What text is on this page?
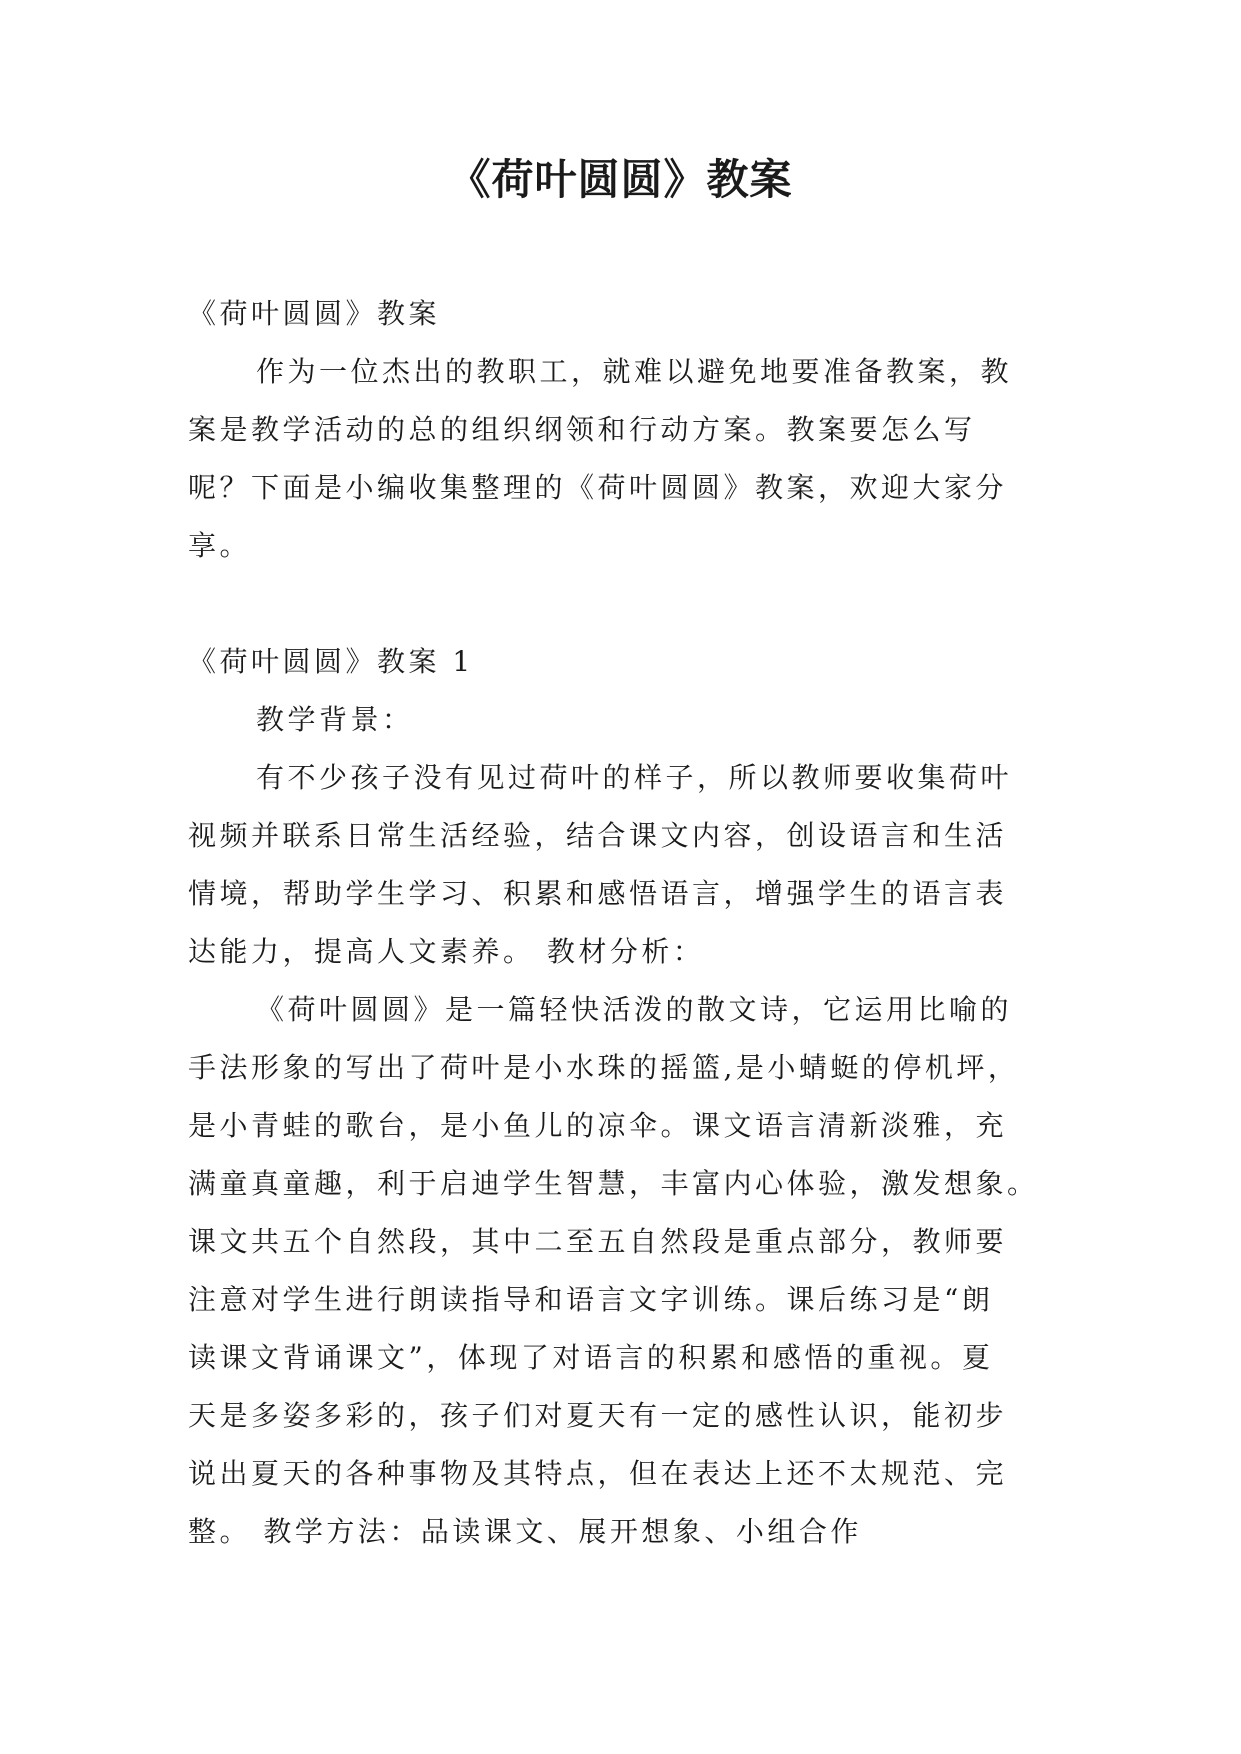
《荷叶圆圆》教案
《荷叶圆圆》教案
作为一位杰出的教职工，就难以避免地要准备教案，教
案是教学活动的总的组织纲领和行动方案。教案要怎么写
呢？下面是小编收集整理的《荷叶圆圆》教案，欢迎大家分
享。
《荷叶圆圆》教案 1
教学背景：
有不少孩子没有见过荷叶的样子，所以教师要收集荷叶
视频并联系日常生活经验，结合课文内容，创设语言和生活
情境，帮助学生学习、积累和感悟语言，增强学生的语言表
达能力，提高人文素养。 教材分析：
《荷叶圆圆》是一篇轻快活泼的散文诗，它运用比喻的
手法形象的写出了荷叶是小水珠的摇篮,是小蜻蜓的停机坪，
是小青蛙的歌台，是小鱼儿的凉伞。课文语言清新淡雅，充
满童真童趣，利于启迪学生智慧，丰富内心体验，激发想象。
课文共五个自然段，其中二至五自然段是重点部分，教师要
注意对学生进行朗读指导和语言文字训练。课后练习是“朗
读课文背诵课文”，体现了对语言的积累和感悟的重视。夏
天是多姿多彩的，孩子们对夏天有一定的感性认识，能初步
说出夏天的各种事物及其特点，但在表达上还不太规范、完
整。 教学方法：品读课文、展开想象、小组合作
